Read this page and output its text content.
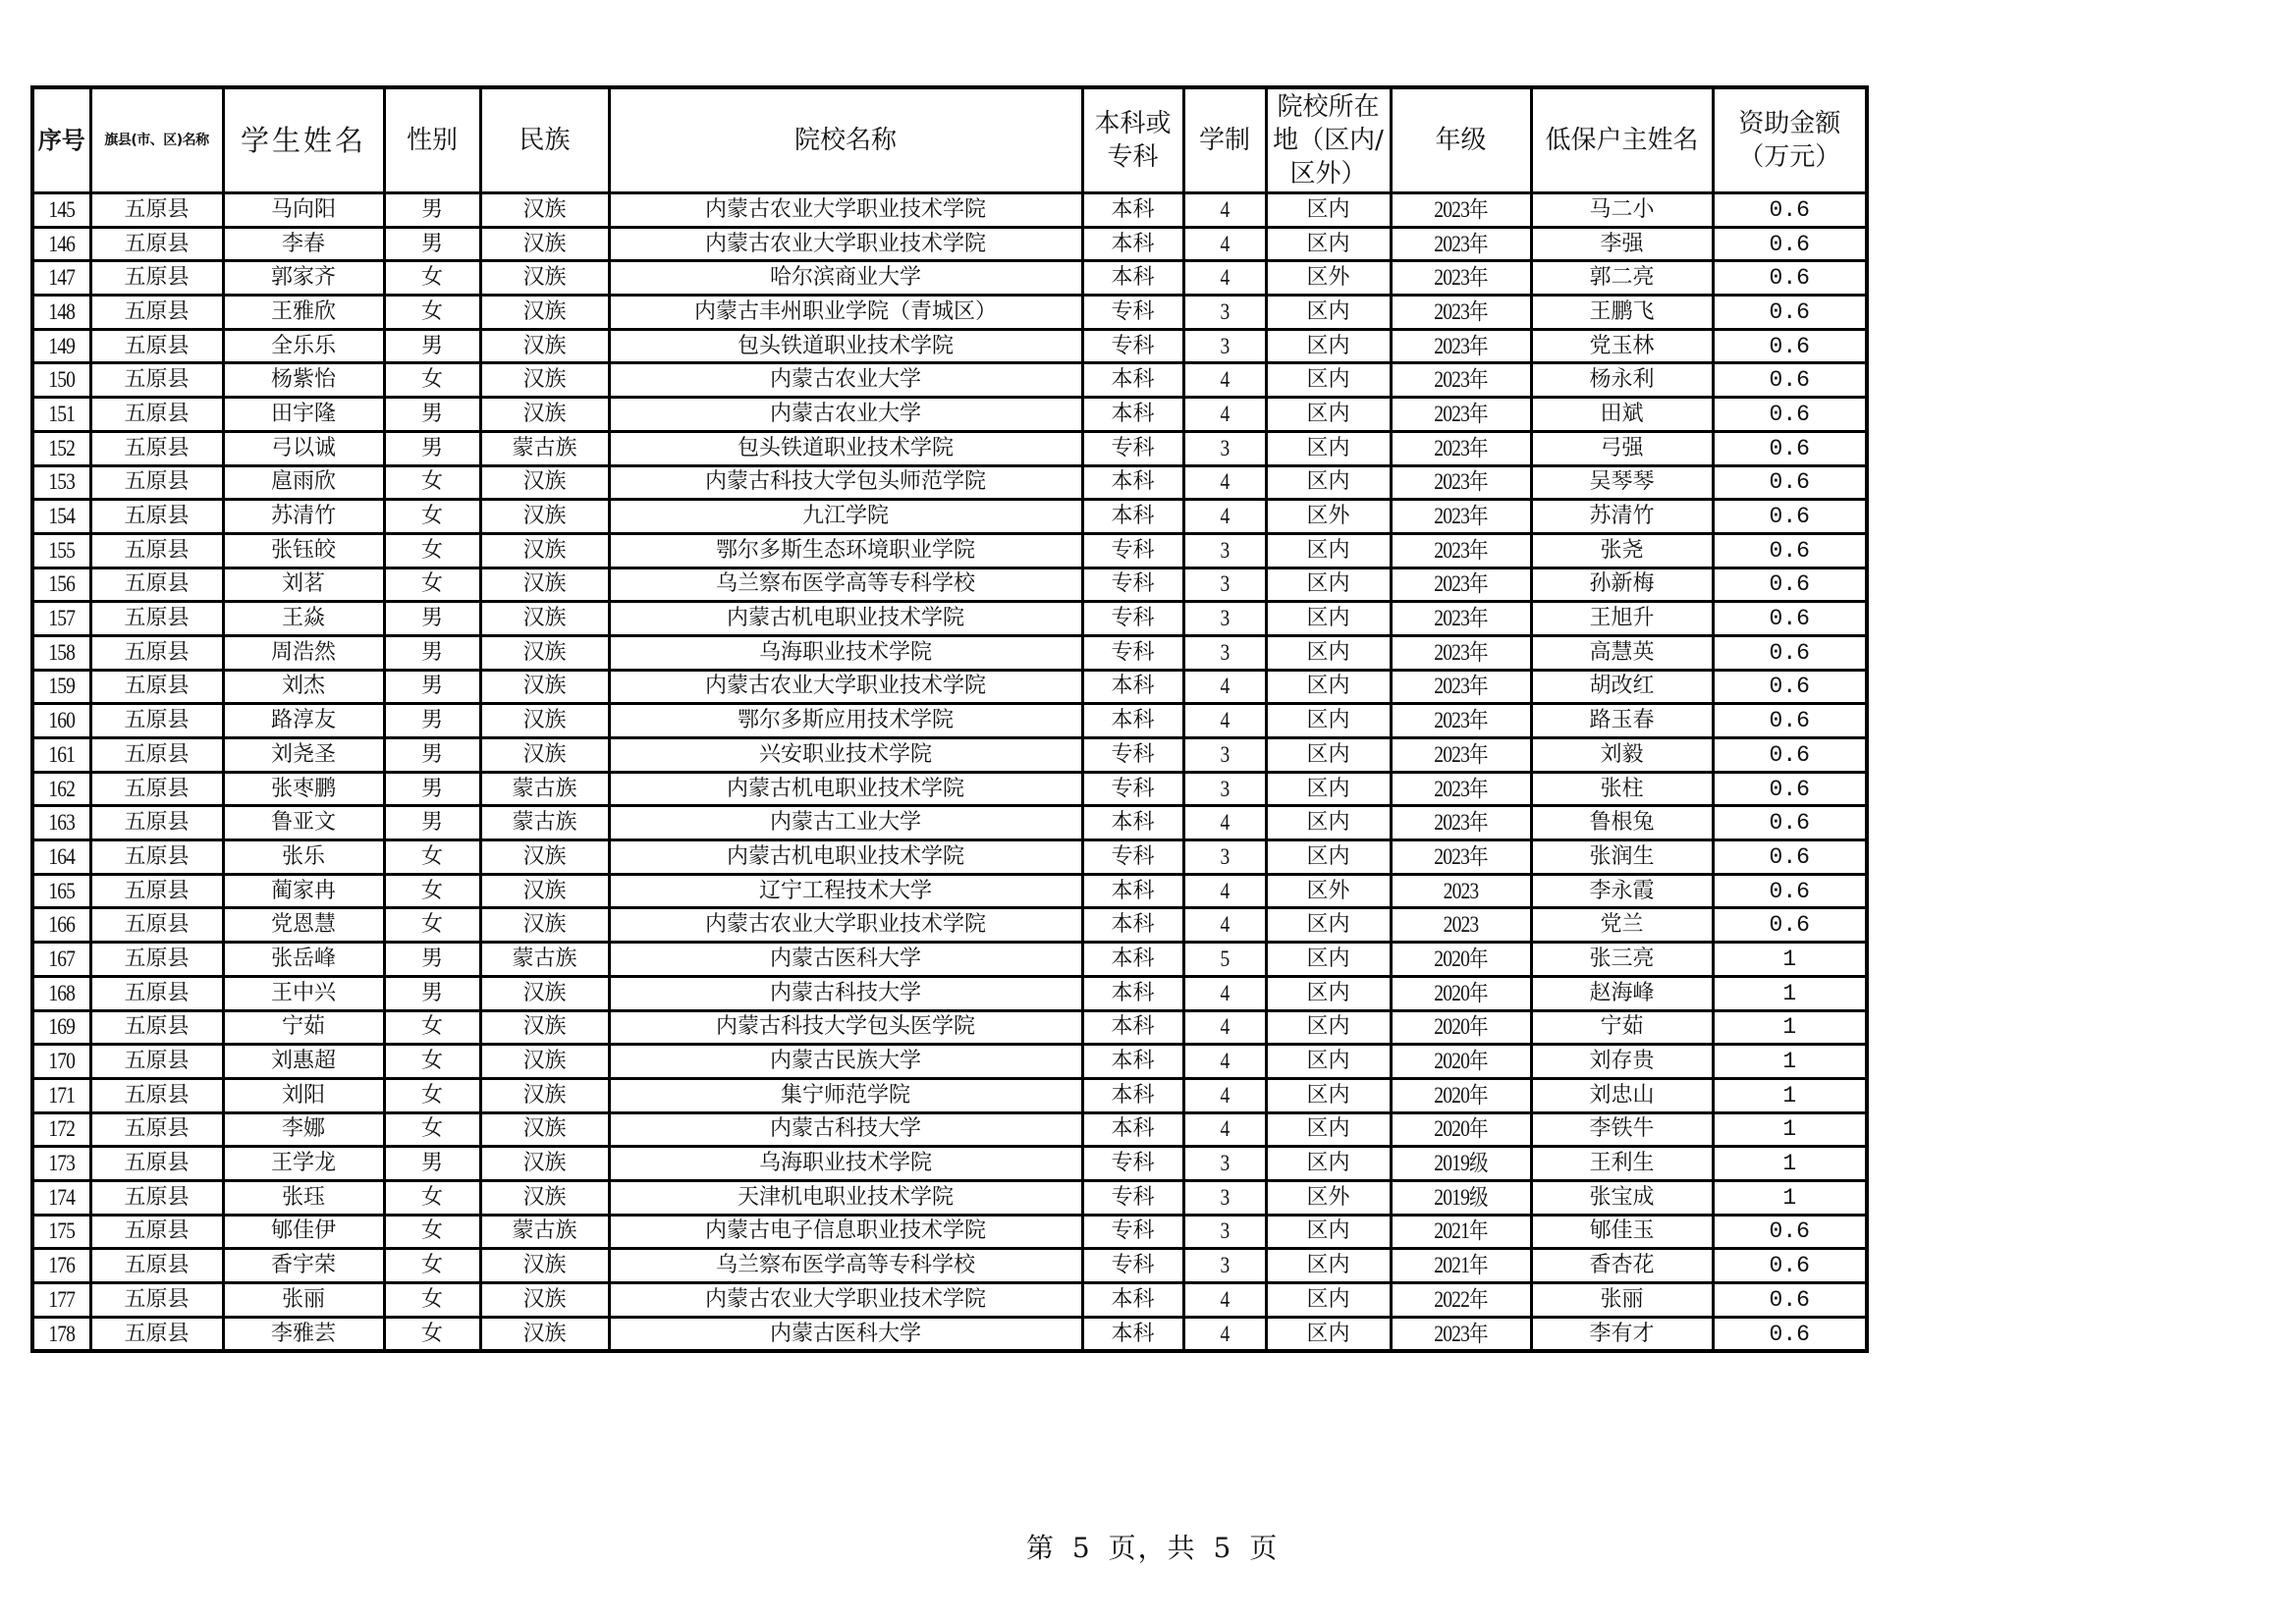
序号	旗县(市、区)名称	学生姓名	性别	民族	院校名称	本科或专科	学制	院校所在地（区内/区外）	年级	低保户主姓名	资助金额（万元）
145	五原县	马向阳	男	汉族	内蒙古农业大学职业技术学院	本科	4	区内	2023年	马二小	0.6
146	五原县	李春	男	汉族	内蒙古农业大学职业技术学院	本科	4	区内	2023年	李强	0.6
147	五原县	郭家齐	女	汉族	哈尔滨商业大学	本科	4	区外	2023年	郭二亮	0.6
148	五原县	王雅欣	女	汉族	内蒙古丰州职业学院（青城区）	专科	3	区内	2023年	王鹏飞	0.6
149	五原县	全乐乐	男	汉族	包头铁道职业技术学院	专科	3	区内	2023年	党玉林	0.6
150	五原县	杨紫怡	女	汉族	内蒙古农业大学	本科	4	区内	2023年	杨永利	0.6
151	五原县	田宇隆	男	汉族	内蒙古农业大学	本科	4	区内	2023年	田斌	0.6
152	五原县	弓以诚	男	蒙古族	包头铁道职业技术学院	专科	3	区内	2023年	弓强	0.6
153	五原县	扈雨欣	女	汉族	内蒙古科技大学包头师范学院	本科	4	区内	2023年	吴琴琴	0.6
154	五原县	苏清竹	女	汉族	九江学院	本科	4	区外	2023年	苏清竹	0.6
155	五原县	张钰皎	女	汉族	鄂尔多斯生态环境职业学院	专科	3	区内	2023年	张尧	0.6
156	五原县	刘茗	女	汉族	乌兰察布医学高等专科学校	专科	3	区内	2023年	孙新梅	0.6
157	五原县	王焱	男	汉族	内蒙古机电职业技术学院	专科	3	区内	2023年	王旭升	0.6
158	五原县	周浩然	男	汉族	乌海职业技术学院	专科	3	区内	2023年	高慧英	0.6
159	五原县	刘杰	男	汉族	内蒙古农业大学职业技术学院	本科	4	区内	2023年	胡改红	0.6
160	五原县	路淳友	男	汉族	鄂尔多斯应用技术学院	本科	4	区内	2023年	路玉春	0.6
161	五原县	刘尧圣	男	汉族	兴安职业技术学院	专科	3	区内	2023年	刘毅	0.6
162	五原县	张枣鹏	男	蒙古族	内蒙古机电职业技术学院	专科	3	区内	2023年	张柱	0.6
163	五原县	鲁亚文	男	蒙古族	内蒙古工业大学	本科	4	区内	2023年	鲁根兔	0.6
164	五原县	张乐	女	汉族	内蒙古机电职业技术学院	专科	3	区内	2023年	张润生	0.6
165	五原县	蔺家冉	女	汉族	辽宁工程技术大学	本科	4	区外	2023	李永霞	0.6
166	五原县	党恩慧	女	汉族	内蒙古农业大学职业技术学院	本科	4	区内	2023	党兰	0.6
167	五原县	张岳峰	男	蒙古族	内蒙古医科大学	本科	5	区内	2020年	张三亮	1
168	五原县	王中兴	男	汉族	内蒙古科技大学	本科	4	区内	2020年	赵海峰	1
169	五原县	宁茹	女	汉族	内蒙古科技大学包头医学院	本科	4	区内	2020年	宁茹	1
170	五原县	刘惠超	女	汉族	内蒙古民族大学	本科	4	区内	2020年	刘存贵	1
171	五原县	刘阳	女	汉族	集宁师范学院	本科	4	区内	2020年	刘忠山	1
172	五原县	李娜	女	汉族	内蒙古科技大学	本科	4	区内	2020年	李铁牛	1
173	五原县	王学龙	男	汉族	乌海职业技术学院	专科	3	区内	2019级	王利生	1
174	五原县	张珏	女	汉族	天津机电职业技术学院	专科	3	区外	2019级	张宝成	1
175	五原县	郇佳伊	女	蒙古族	内蒙古电子信息职业技术学院	专科	3	区内	2021年	郇佳玉	0.6
176	五原县	香宇荣	女	汉族	乌兰察布医学高等专科学校	专科	3	区内	2021年	香杏花	0.6
177	五原县	张丽	女	汉族	内蒙古农业大学职业技术学院	本科	4	区内	2022年	张丽	0.6
178	五原县	李雅芸	女	汉族	内蒙古医科大学	本科	4	区内	2023年	李有才	0.6
第 5 页，共 5 页
